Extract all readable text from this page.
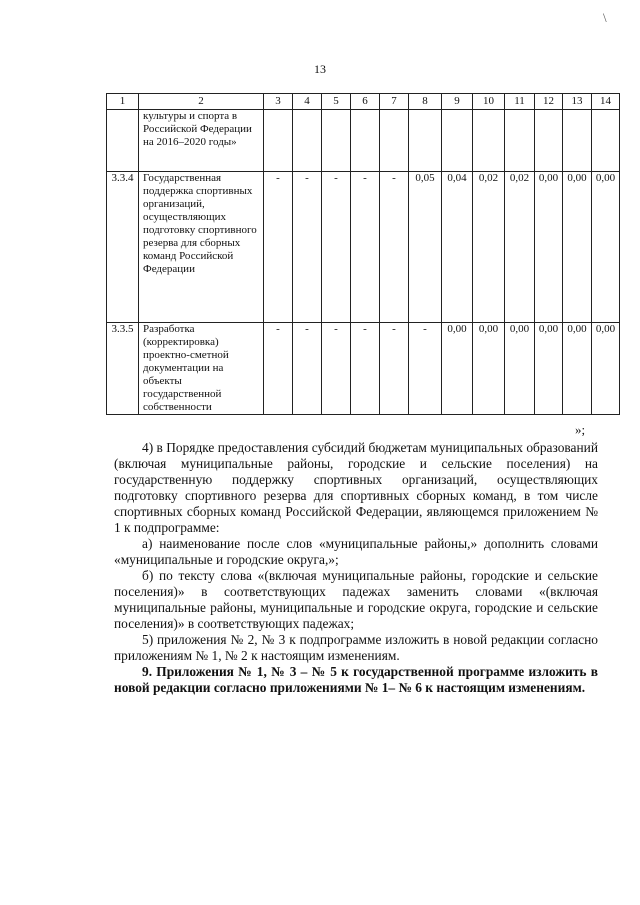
\
13
1	2	3	4	5	6	7	8	9	10	11	12	13	14
	культуры и спорта в Российской Федерации на 2016–2020 годы»												
3.3.4	Государственная поддержка спортивных организаций, осуществляющих подготовку спортивного резерва для сборных команд Российской Федерации	-	-	-	-	-	0,05	0,04	0,02	0,02	0,00	0,00	0,00
3.3.5	Разработка (корректировка) проектно-сметной документации на объекты государственной собственности	-	-	-	-	-	-	0,00	0,00	0,00	0,00	0,00	0,00
»;

4) в Порядке предоставления субсидий бюджетам муниципальных образований (включая муниципальные районы, городские и сельские поселения) на государственную поддержку спортивных организаций, осуществляющих подготовку спортивного резерва для спортивных сборных команд, в том числе спортивных сборных команд Российской Федерации, являющемся приложением № 1 к подпрограмме:

а) наименование после слов «муниципальные районы,» дополнить словами «муниципальные и городские округа,»;

б) по тексту слова «(включая муниципальные районы, городские и сельские поселения)» в соответствующих падежах заменить словами «(включая муниципальные районы, муниципальные и городские округа, городские и сельские поселения)» в соответствующих падежах;

5) приложения № 2, № 3 к подпрограмме изложить в новой редакции согласно приложениям № 1, № 2 к настоящим изменениям.

9. Приложения № 1, № 3 – № 5 к государственной программе изложить в новой редакции согласно приложениями № 1– № 6 к настоящим изменениям.
